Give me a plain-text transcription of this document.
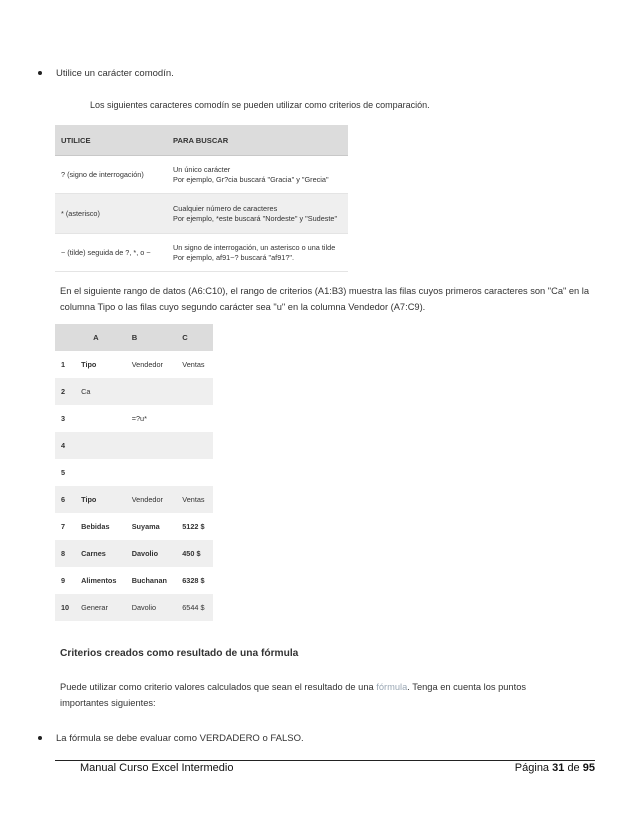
Utilice un carácter comodín.
Los siguientes caracteres comodín se pueden utilizar como criterios de comparación.
UTILICE	PARA BUSCAR
? (signo de interrogación)	Un único carácter
Por ejemplo, Gr?cia buscará "Gracia" y "Grecia"

* (asterisco)	Cualquier número de caracteres
Por ejemplo, *este buscará "Nordeste" y "Sudeste"

~ (tilde) seguida de ?, *, o ~	Un signo de interrogación, un asterisco o una tilde
Por ejemplo, af91~? buscará "af91?".
En el siguiente rango de datos (A6:C10), el rango de criterios (A1:B3) muestra las filas cuyos primeros caracteres son "Ca" en la columna Tipo o las filas cuyo segundo carácter sea "u" en la columna Vendedor (A7:C9).
	A	B	C
1	Tipo	Vendedor	Ventas
2	Ca		
3		=?u*	
4			
5			
6	Tipo	Vendedor	Ventas
7	Bebidas	Suyama	5122 $
8	Carnes	Davolio	450 $
9	Alimentos	Buchanan	6328 $
10	Generar	Davolio	6544 $
Criterios creados como resultado de una fórmula
Puede utilizar como criterio valores calculados que sean el resultado de una fórmula. Tenga en cuenta los puntos importantes siguientes:
La fórmula se debe evaluar como VERDADERO o FALSO.
Manual Curso Excel Intermedio	Página 31 de 95
